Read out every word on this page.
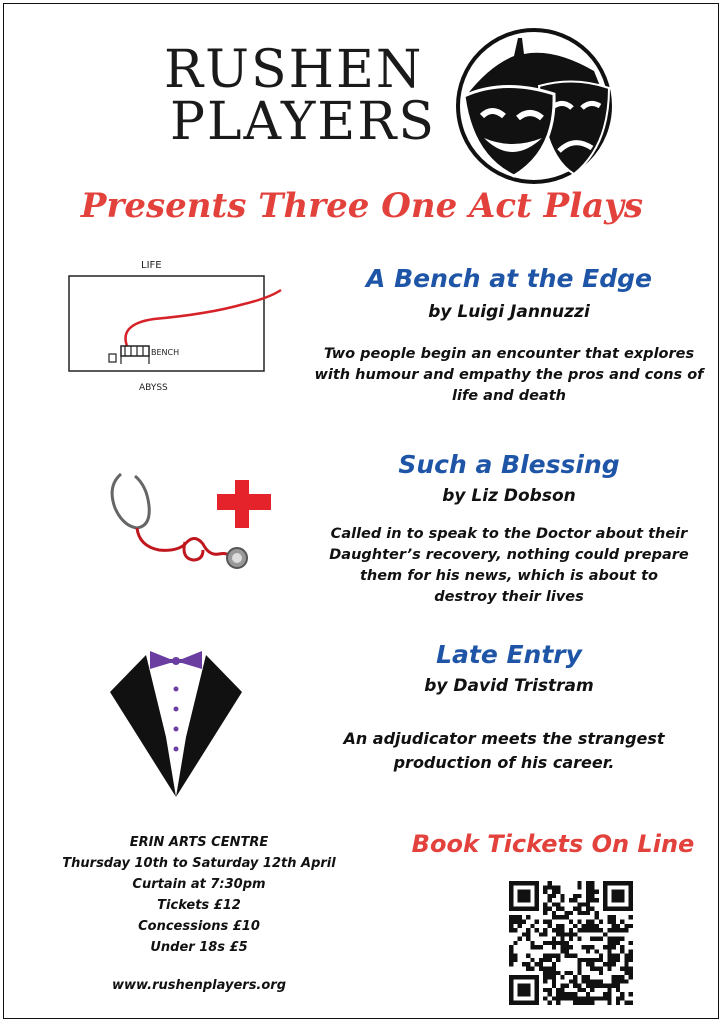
RUSHEN
PLAYERS
Presents Three One Act Plays
LIFE
BENCH
ABYSS
A Bench at the Edge
by Luigi Jannuzzi
Two people begin an encounter that explores with humour and empathy the pros and cons of life and death
Such a Blessing
by Liz Dobson
Called in to speak to the Doctor about their Daughter’s recovery, nothing could prepare them for his news, which is about to destroy their lives
Late Entry
by David Tristram
An adjudicator meets the strangest production of his career.
ERIN ARTS CENTRE
Thursday 10th to Saturday 12th April
Curtain at 7:30pm
Tickets £12
Concessions £10
Under 18s £5
www.rushenplayers.org
Book Tickets On Line
